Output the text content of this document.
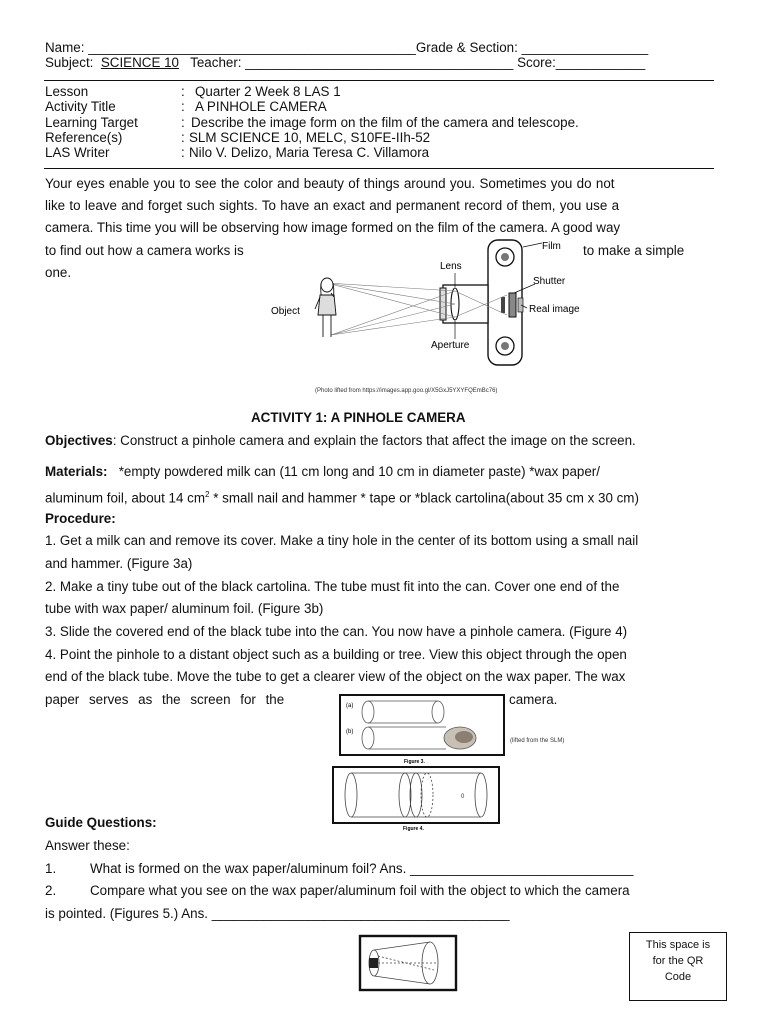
Name: ____________________________________________Grade & Section: _________________
Subject: SCIENCE 10 Teacher: ____________________________________ Score:____________
Lesson	: Quarter 2 Week 8 LAS 1
Activity Title	: A PINHOLE CAMERA
Learning Target	: Describe the image form on the film of the camera and telescope.
Reference(s)	: SLM SCIENCE 10, MELC, S10FE-IIh-52
LAS Writer	: Nilo V. Delizo, Maria Teresa C. Villamora
Your eyes enable you to see the color and beauty of things around you. Sometimes you do not
like to leave and forget such sights. To have an exact and permanent record of them, you use a
camera. This time you will be observing how image formed on the film of the camera. A good way
to find out how a camera works is	to make a simple
one.
Film
Lens
Shutter
Object	Real image
Aperture
(Photo lifted from https://images.app.goo.gl/X5GxJ5YXYFQEmBc76)
ACTIVITY 1: A PINHOLE CAMERA
Objectives: Construct a pinhole camera and explain the factors that affect the image on the screen.
Materials: *empty powdered milk can (11 cm long and 10 cm in diameter paste) *wax paper/
aluminum foil, about 14 $cm^2$ * small nail and hammer * tape or *black cartolina(about 35 cm x 30 cm)
Procedure:
1. Get a milk can and remove its cover. Make a tiny hole in the center of its bottom using a small nail
and hammer. (Figure 3a)
2. Make a tiny tube out of the black cartolina. The tube must fit into the can. Cover one end of the
tube with wax paper/ aluminum foil. (Figure 3b)
3. Slide the covered end of the black tube into the can. You now have a pinhole camera. (Figure 4)
4. Point the pinhole to a distant object such as a building or tree. View this object through the open
end of the black tube. Move the tube to get a clearer view of the object on the wax paper. The wax
paper serves as the screen for the	camera.
(a)
(b)
Figure 3.
(lifted from the SLM)
0
Figure 4.
Guide Questions:
Answer these:
1.	What is formed on the wax paper/aluminum foil? Ans. ______________________________
2.	Compare what you see on the wax paper/aluminum foil with the object to which the camera
is pointed. (Figures 5.) Ans. ________________________________________
This space is
for the QR
Code
